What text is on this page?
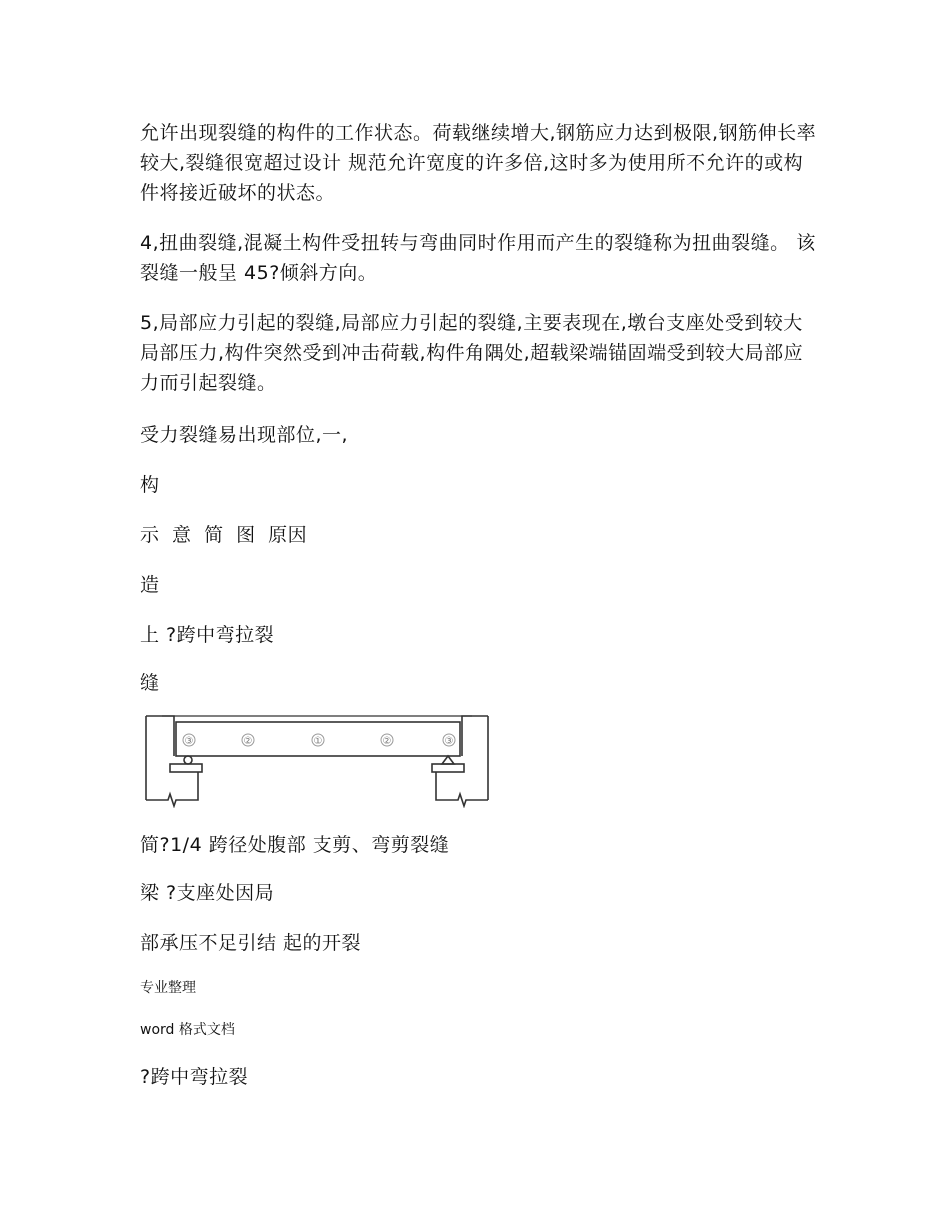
允许出现裂缝的构件的工作状态。荷载继续增大,钢筋应力达到极限,钢筋伸长率较大,裂缝很宽超过设计 规范允许宽度的许多倍,这时多为使用所不允许的或构件将接近破坏的状态。

4,扭曲裂缝,混凝土构件受扭转与弯曲同时作用而产生的裂缝称为扭曲裂缝。 该裂缝一般呈 45?倾斜方向。

5,局部应力引起的裂缝,局部应力引起的裂缝,主要表现在,墩台支座处受到较大局部压力,构件突然受到冲击荷载,构件角隅处,超载梁端锚固端受到较大局部应力而引起裂缝。

受力裂缝易出现部位,一,

构

示 意 简 图 原因

造

上 ?跨中弯拉裂

缝

③	②	①	②	③

简?1/4 跨径处腹部 支剪、弯剪裂缝

梁 ?支座处因局

部承压不足引结 起的开裂

专业整理

word 格式文档

?跨中弯拉裂
